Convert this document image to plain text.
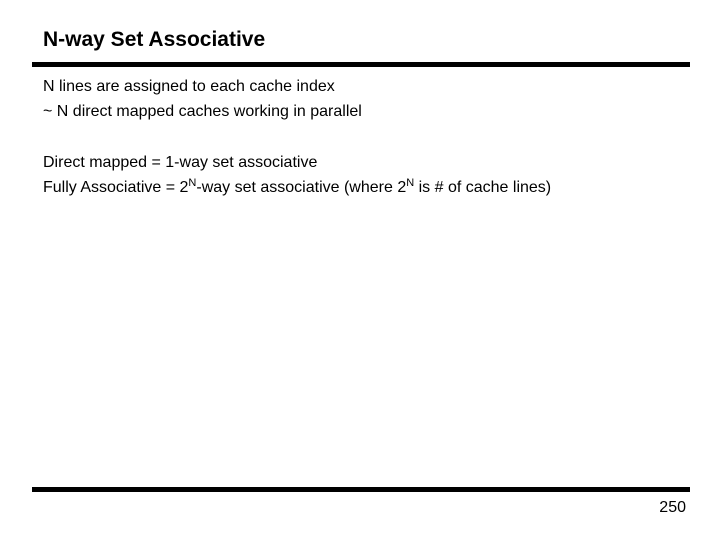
N-way Set Associative

N lines are assigned to each cache index

~ N direct mapped caches working in parallel

Direct mapped = 1-way set associative

Fully Associative = $2^N$-way set associative (where $2^N$ is # of cache lines)

250
